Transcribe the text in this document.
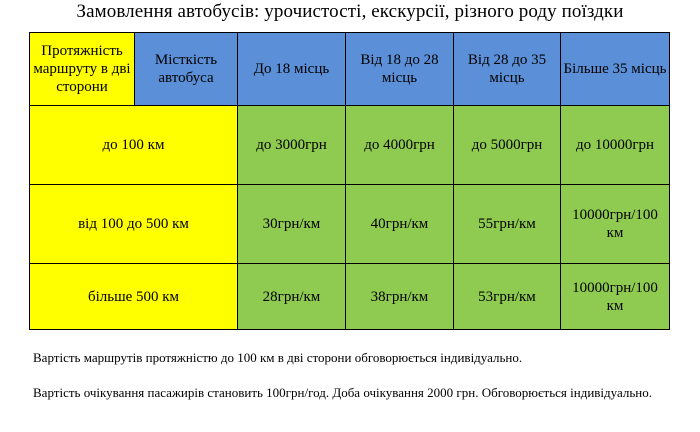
Замовлення автобусів: урочистості, екскурсії, різного роду поїздки
Протяжність маршруту в дві сторони	Місткість автобуса	До 18 місць	Від 18 до 28 місць	Від 28 до 35 місць	Більше 35 місць
до 100 км		до 3000грн	до 4000грн	до 5000грн	до 10000грн
від 100 до 500 км		30грн/км	40грн/км	55грн/км	10000грн/100 км
більше 500 км		28грн/км	38грн/км	53грн/км	10000грн/100 км
Вартість маршрутів протяжністю до 100 км в дві сторони обговорюється індивідуально.
Вартість очікування пасажирів становить 100грн/год. Доба очікування 2000 грн. Обговорюється індивідуально.
